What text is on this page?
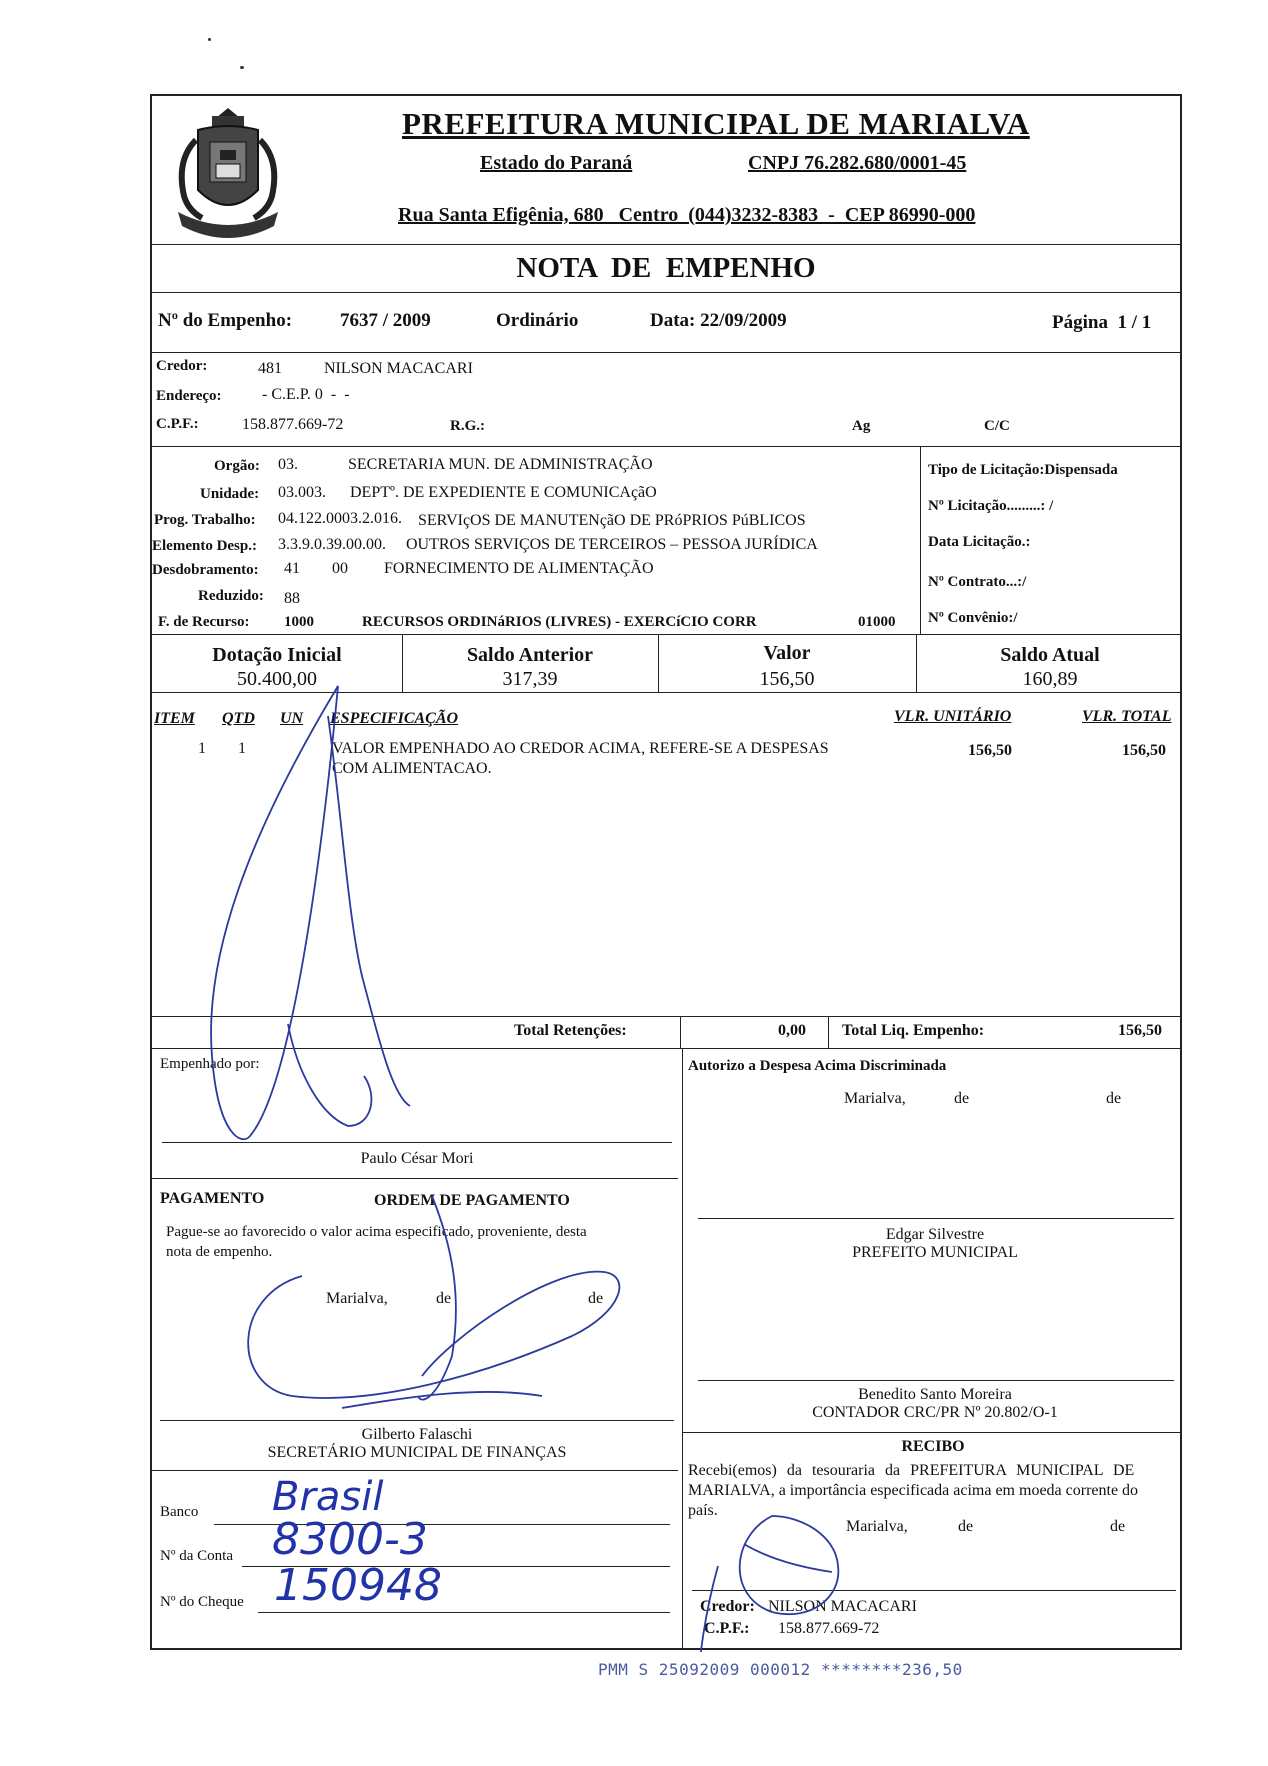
PREFEITURA MUNICIPAL DE MARIALVA
Estado do Paraná	CNPJ 76.282.680/0001-45
Rua Santa Efigênia, 680   Centro  (044)3232-8383  -  CEP 86990-000
NOTA  DE  EMPENHO
Nº do Empenho:	7637 / 2009	Ordinário	Data: 22/09/2009	Página  1 / 1
Credor:	481	NILSON MACACARI
Endereço:	- C.E.P. 0  -  -
C.P.F.:	158.877.669-72	R.G.:	Ag	C/C
Orgão: 03.	SECRETARIA MUN. DE ADMINISTRAÇÃO
Unidade: 03.003. DEPTº. DE EXPEDIENTE E COMUNICAçãO
Prog. Trabalho: 04.122.0003.2.016. SERVIçOS DE MANUTENçãO DE PRóPRIOS PúBLICOS
Elemento Desp.: 3.3.9.0.39.00.00. OUTROS SERVIÇOS DE TERCEIROS – PESSOA JURÍDICA
Desdobramento: 41 00 FORNECIMENTO DE ALIMENTAÇÃO
Reduzido: 88
F. de Recurso: 1000	RECURSOS ORDINáRIOS (LIVRES) - EXERCíCIO CORR	01000
Tipo de Licitação:Dispensada
Nº Licitação.........: /
Data Licitação.:
Nº Contrato...:/
Nº Convênio:/
Dotação Inicial
50.400,00
Saldo Anterior
317,39
Valor
156,50
Saldo Atual
160,89
ITEM QTD UN ESPECIFICAÇÃO	VLR. UNITÁRIO	VLR. TOTAL
1 1	VALOR EMPENHADO AO CREDOR ACIMA, REFERE-SE A DESPESAS
COM ALIMENTACAO.
156,50	156,50
Total Retenções:	0,00 Total Liq. Empenho:	156,50
Empenhado por:
Paulo César Mori
Autorizo a Despesa Acima Discriminada
Marialva,	de	de
Edgar Silvestre
PREFEITO MUNICIPAL
Benedito Santo Moreira
CONTADOR CRC/PR Nº 20.802/O-1
PAGAMENTO	ORDEM DE PAGAMENTO
Pague-se ao favorecido o valor acima especificado, proveniente, desta
nota de empenho.
Marialva,	de	de
Gilberto Falaschi
SECRETÁRIO MUNICIPAL DE FINANÇAS
Banco Brasil
Nº da Conta 8300-3
Nº do Cheque 150948
RECIBO
Recebi(emos) da tesouraria da PREFEITURA MUNICIPAL DE
MARIALVA, a importância especificada acima em moeda corrente do
país.
Marialva,	de	de
Credor: NILSON MACACARI
C.P.F.: 158.877.669-72
PMM S 25092009 000012 ********236,50
